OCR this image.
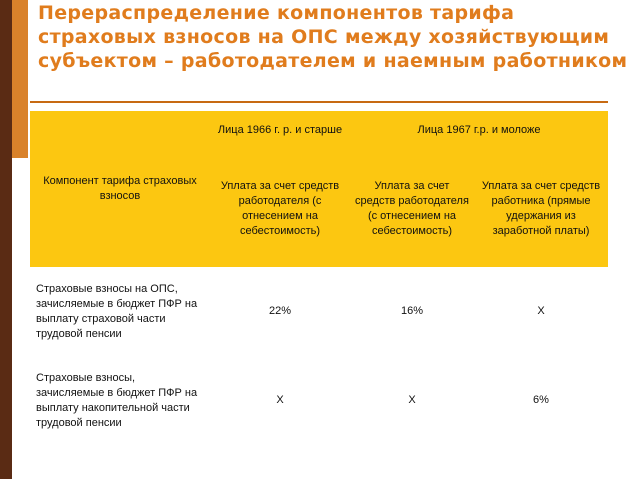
Перераспределение компонентов тарифа страховых взносов на ОПС между хозяйствующим субъектом – работодателем и наемным работником
Компонент тарифа страховых взносов	Лица 1966 г. р. и старше	Лица 1967 г.р. и моложе	
	Уплата за счет средств работодателя (с отнесением на себестоимость)	Уплата за счет средств работодателя (с отнесением на себестоимость)	Уплата за счет средств работника (прямые удержания из заработной платы)
Страховые взносы на ОПС, зачисляемые в бюджет ПФР на выплату страховой части трудовой пенсии	22%	16%	X
Страховые взносы, зачисляемые в бюджет ПФР на выплату накопительной части трудовой пенсии	X	X	6%
